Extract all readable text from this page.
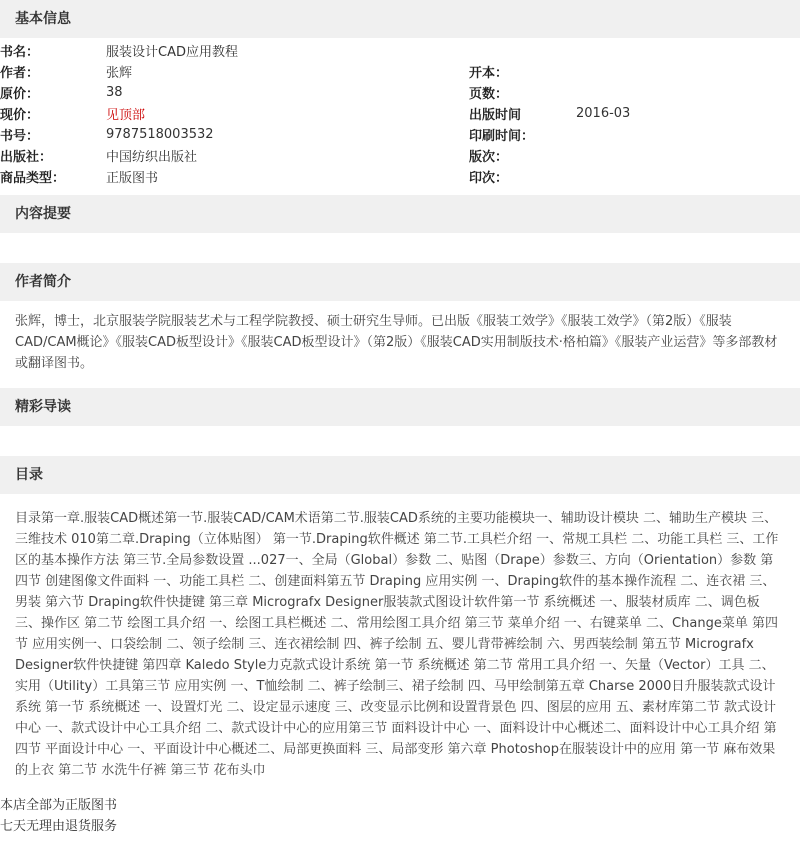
基本信息
书名：	服装设计CAD应用教程		
作者：	张辉	开本：	
原价：	38	页数：	
现价：	见顶部	出版时间	2016-03
书号：	9787518003532	印刷时间：	
出版社：	中国纺织出版社	版次：	
商品类型：	正版图书	印次：	
内容提要
作者简介
张辉，博士，北京服装学院服装艺术与工程学院教授、硕士研究生导师。已出版《服装工效学》《服装工效学》（第2版）《服装CAD/CAM概论》《服装CAD板型设计》《服装CAD板型设计》（第2版）《服装CAD实用制版技术·格柏篇》《服装产业运营》等多部教材或翻译图书。
精彩导读
目录
目录第一章.服装CAD概述第一节.服装CAD/CAM术语第二节.服装CAD系统的主要功能模块一、辅助设计模块 二、辅助生产模块 三、三维技术 010第二章.Draping（立体贴图） 第一节.Draping软件概述 第二节.工具栏介绍 一、常规工具栏 二、功能工具栏 三、工作区的基本操作方法 第三节.全局参数设置 ...027一、全局（Global）参数 二、贴图（Drape）参数三、方向（Orientation）参数 第四节 创建图像文件面料 一、功能工具栏 二、创建面料第五节 Draping 应用实例 一、Draping软件的基本操作流程 二、连衣裙 三、男装 第六节 Draping软件快捷键 第三章 Micrografx Designer服装款式图设计软件第一节 系统概述 一、服装材质库 二、调色板 三、操作区 第二节 绘图工具介绍 一、绘图工具栏概述 二、常用绘图工具介绍 第三节 菜单介绍 一、右键菜单 二、Change菜单 第四节 应用实例一、口袋绘制 二、领子绘制 三、连衣裙绘制 四、裤子绘制 五、婴儿背带裤绘制 六、男西装绘制 第五节 Micrografx Designer软件快捷键 第四章 Kaledo Style力克款式设计系统 第一节 系统概述 第二节 常用工具介绍 一、矢量（Vector）工具 二、实用（Utility）工具第三节 应用实例 一、T恤绘制 二、裤子绘制三、裙子绘制 四、马甲绘制第五章 Charse 2000日升服装款式设计系统 第一节 系统概述 一、设置灯光 二、设定显示速度 三、改变显示比例和设置背景色 四、图层的应用 五、素材库第二节 款式设计中心 一、款式设计中心工具介绍 二、款式设计中心的应用第三节 面料设计中心 一、面料设计中心概述二、面料设计中心工具介绍 第四节 平面设计中心 一、平面设计中心概述二、局部更换面料 三、局部变形 第六章 Photoshop在服装设计中的应用 第一节 麻布效果的上衣 第二节 水洗牛仔裤 第三节 花布头巾
本店全部为正版图书
七天无理由退货服务
